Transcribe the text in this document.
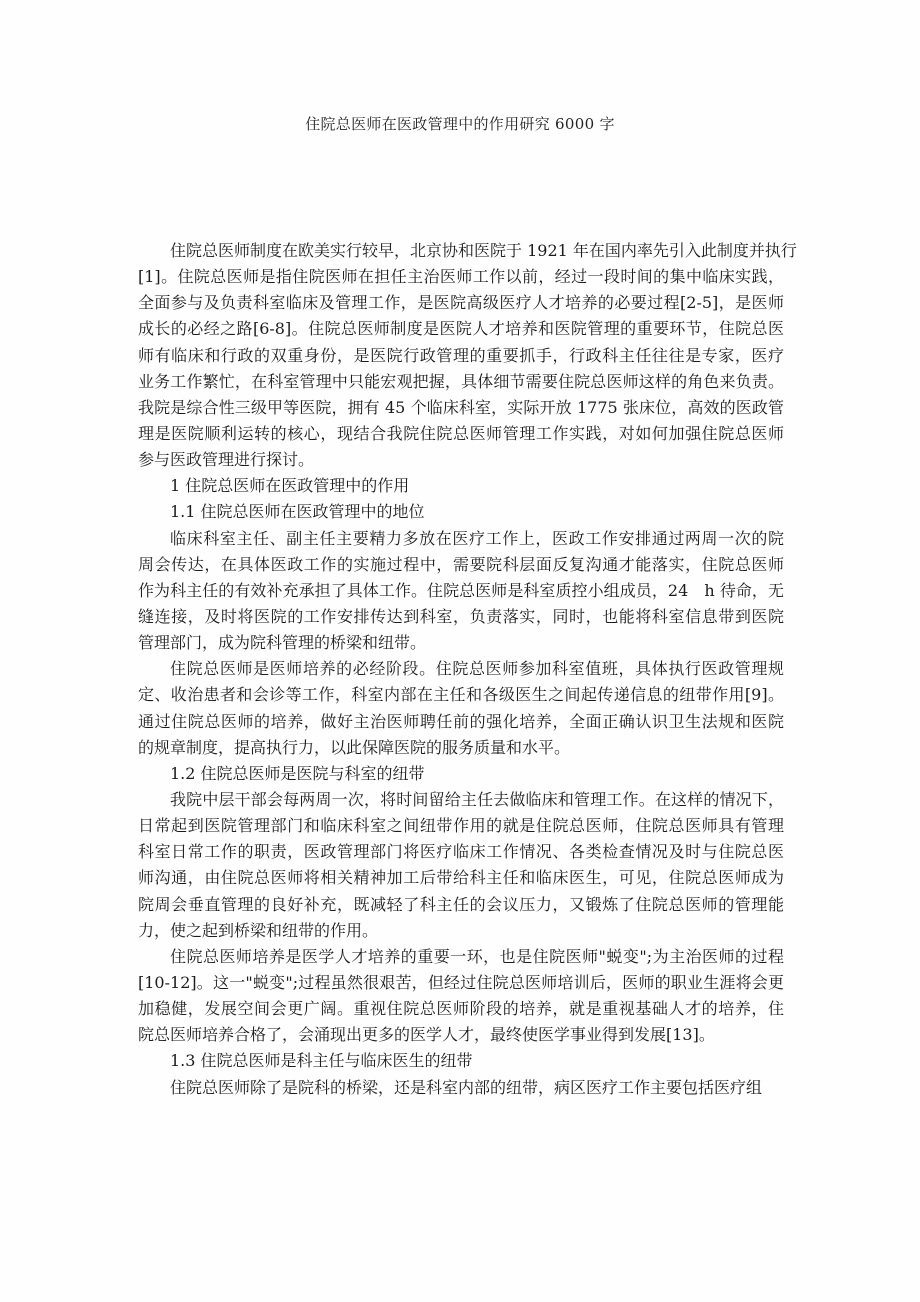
住院总医师在医政管理中的作用研究 6000 字
住院总医师制度在欧美实行较早，北京协和医院于 1921 年在国内率先引入此制度并执行
[1]。住院总医师是指住院医师在担任主治医师工作以前，经过一段时间的集中临床实践，
全面参与及负责科室临床及管理工作，是医院高级医疗人才培养的必要过程[2-5]，是医师
成长的必经之路[6-8]。住院总医师制度是医院人才培养和医院管理的重要环节，住院总医
师有临床和行政的双重身份，是医院行政管理的重要抓手，行政科主任往往是专家，医疗
业务工作繁忙，在科室管理中只能宏观把握，具体细节需要住院总医师这样的角色来负责。
我院是综合性三级甲等医院，拥有 45 个临床科室，实际开放 1775 张床位，高效的医政管
理是医院顺利运转的核心，现结合我院住院总医师管理工作实践，对如何加强住院总医师
参与医政管理进行探讨。
1 住院总医师在医政管理中的作用
1.1 住院总医师在医政管理中的地位
临床科室主任、副主任主要精力多放在医疗工作上，医政工作安排通过两周一次的院
周会传达，在具体医政工作的实施过程中，需要院科层面反复沟通才能落实，住院总医师
作为科主任的有效补充承担了具体工作。住院总医师是科室质控小组成员，24　h 待命，无
缝连接，及时将医院的工作安排传达到科室，负责落实，同时，也能将科室信息带到医院
管理部门，成为院科管理的桥梁和纽带。
住院总医师是医师培养的必经阶段。住院总医师参加科室值班，具体执行医政管理规
定、收治患者和会诊等工作，科室内部在主任和各级医生之间起传递信息的纽带作用[9]。
通过住院总医师的培养，做好主治医师聘任前的强化培养，全面正确认识卫生法规和医院
的规章制度，提高执行力，以此保障医院的服务质量和水平。
1.2 住院总医师是医院与科室的纽带
我院中层干部会每两周一次，将时间留给主任去做临床和管理工作。在这样的情况下，
日常起到医院管理部门和临床科室之间纽带作用的就是住院总医师，住院总医师具有管理
科室日常工作的职责，医政管理部门将医疗临床工作情况、各类检查情况及时与住院总医
师沟通，由住院总医师将相关精神加工后带给科主任和临床医生，可见，住院总医师成为
院周会垂直管理的良好补充，既减轻了科主任的会议压力，又锻炼了住院总医师的管理能
力，使之起到桥梁和纽带的作用。
住院总医师培养是医学人才培养的重要一环，也是住院医师"蜕变";为主治医师的过程
[10-12]。这一"蜕变";过程虽然很艰苦，但经过住院总医师培训后，医师的职业生涯将会更
加稳健，发展空间会更广阔。重视住院总医师阶段的培养，就是重视基础人才的培养，住
院总医师培养合格了，会涌现出更多的医学人才，最终使医学事业得到发展[13]。
1.3 住院总医师是科主任与临床医生的纽带
住院总医师除了是院科的桥梁，还是科室内部的纽带，病区医疗工作主要包括医疗组
